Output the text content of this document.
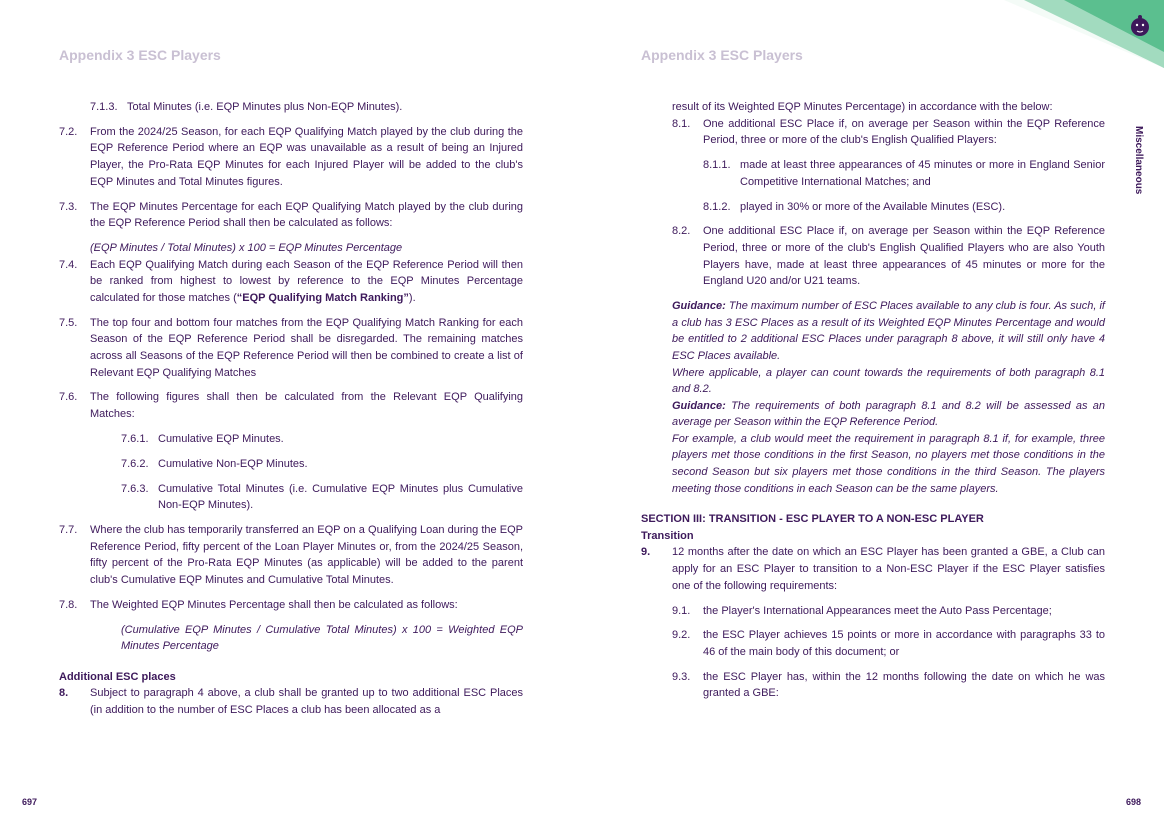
Appendix 3 ESC Players	Appendix 3 ESC Players
Miscellaneous
7.1.3. Total Minutes (i.e. EQP Minutes plus Non-EQP Minutes).
7.2. From the 2024/25 Season, for each EQP Qualifying Match played by the club during the EQP Reference Period where an EQP was unavailable as a result of being an Injured Player, the Pro-Rata EQP Minutes for each Injured Player will be added to the club's EQP Minutes and Total Minutes figures.
7.3. The EQP Minutes Percentage for each EQP Qualifying Match played by the club during the EQP Reference Period shall then be calculated as follows:

(EQP Minutes / Total Minutes) x 100 = EQP Minutes Percentage

7.4. Each EQP Qualifying Match during each Season of the EQP Reference Period will then be ranked from highest to lowest by reference to the EQP Minutes Percentage calculated for those matches (“EQP Qualifying Match Ranking”).
7.5. The top four and bottom four matches from the EQP Qualifying Match Ranking for each Season of the EQP Reference Period shall be disregarded. The remaining matches across all Seasons of the EQP Reference Period will then be combined to create a list of Relevant EQP Qualifying Matches
7.6. The following figures shall then be calculated from the Relevant EQP Qualifying Matches:
7.6.1. Cumulative EQP Minutes.
7.6.2. Cumulative Non-EQP Minutes.
7.6.3. Cumulative Total Minutes (i.e. Cumulative EQP Minutes plus Cumulative Non-EQP Minutes).
7.7. Where the club has temporarily transferred an EQP on a Qualifying Loan during the EQP Reference Period, fifty percent of the Loan Player Minutes or, from the 2024/25 Season, fifty percent of the Pro-Rata EQP Minutes (as applicable) will be added to the parent club's Cumulative EQP Minutes and Cumulative Total Minutes.
7.8. The Weighted EQP Minutes Percentage shall then be calculated as follows:

(Cumulative EQP Minutes / Cumulative Total Minutes) x 100 = Weighted EQP Minutes Percentage

Additional ESC places

8. Subject to paragraph 4 above, a club shall be granted up to two additional ESC Places (in addition to the number of ESC Places a club has been allocated as a

result of its Weighted EQP Minutes Percentage) in accordance with the below:

8.1. One additional ESC Place if, on average per Season within the EQP Reference Period, three or more of the club's English Qualified Players:
8.1.1. made at least three appearances of 45 minutes or more in England Senior Competitive International Matches; and
8.1.2. played in 30% or more of the Available Minutes (ESC).
8.2. One additional ESC Place if, on average per Season within the EQP Reference Period, three or more of the club's English Qualified Players who are also Youth Players have, made at least three appearances of 45 minutes or more for the England U20 and/or U21 teams.

Guidance: The maximum number of ESC Places available to any club is four. As such, if a club has 3 ESC Places as a result of its Weighted EQP Minutes Percentage and would be entitled to 2 additional ESC Places under paragraph 8 above, it will still only have 4 ESC Places available.

Where applicable, a player can count towards the requirements of both paragraph 8.1 and 8.2.

Guidance: The requirements of both paragraph 8.1 and 8.2 will be assessed as an average per Season within the EQP Reference Period.

For example, a club would meet the requirement in paragraph 8.1 if, for example, three players met those conditions in the first Season, no players met those conditions in the second Season but six players met those conditions in the third Season. The players meeting those conditions in each Season can be the same players.

SECTION III: TRANSITION - ESC PLAYER TO A NON-ESC PLAYER

Transition

9. 12 months after the date on which an ESC Player has been granted a GBE, a Club can apply for an ESC Player to transition to a Non-ESC Player if the ESC Player satisfies one of the following requirements:
9.1. the Player's International Appearances meet the Auto Pass Percentage;
9.2. the ESC Player achieves 15 points or more in accordance with paragraphs 33 to 46 of the main body of this document; or
9.3. the ESC Player has, within the 12 months following the date on which he was granted a GBE:
697	698
